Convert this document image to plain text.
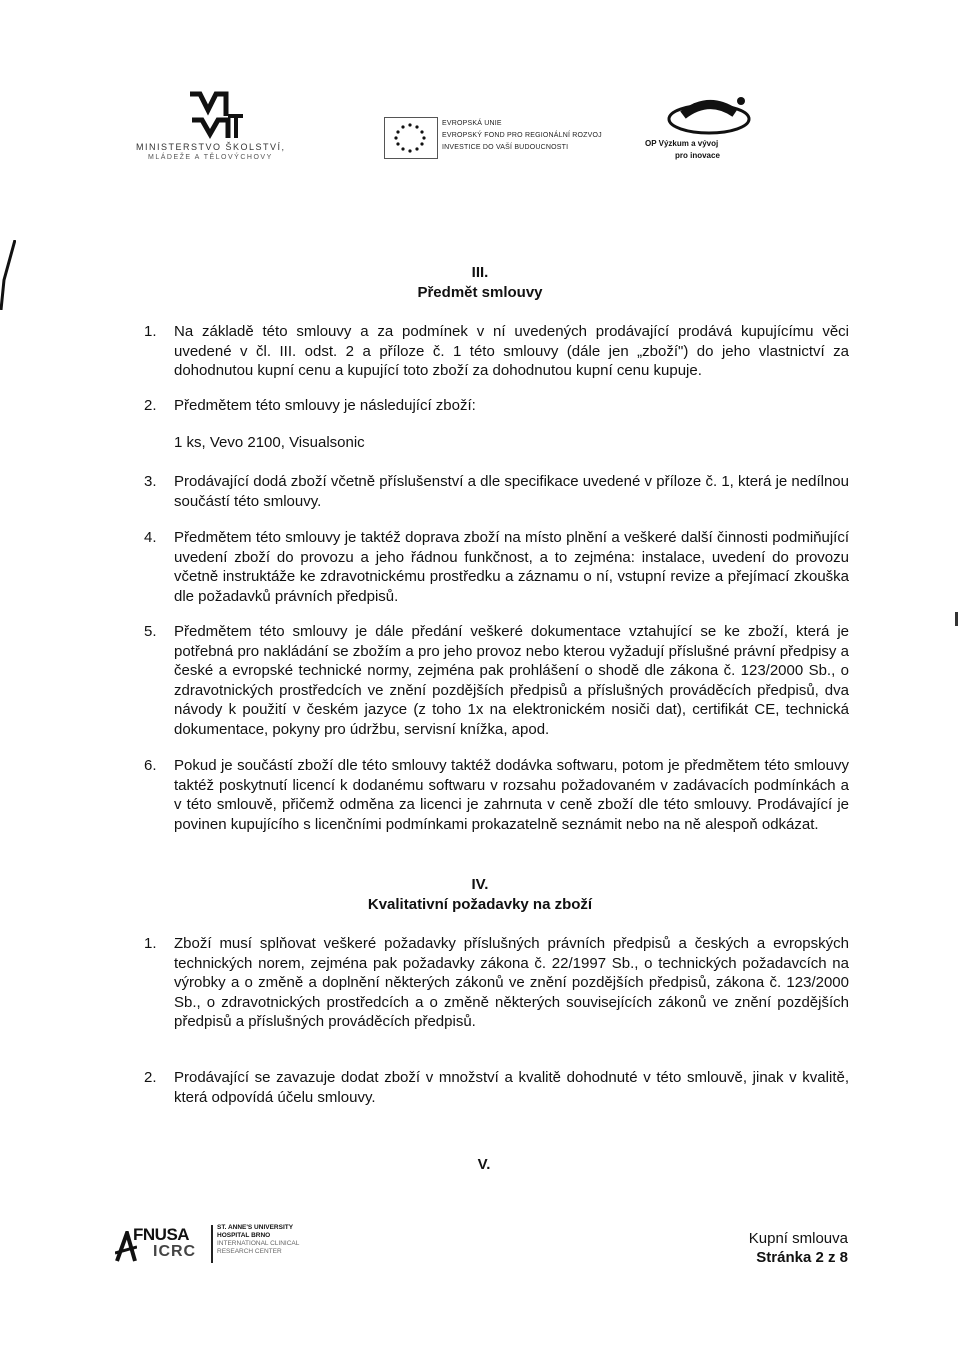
MINISTERSTVO ŠKOLSTVÍ,
MLÁDEŽE A TĚLOVÝCHOVY
EVROPSKÁ UNIE
EVROPSKÝ FOND PRO REGIONÁLNÍ ROZVOJ
INVESTICE DO VAŠÍ BUDOUCNOSTI	OP Výzkum a vývoj
pro inovace
III.
Předmět smlouvy
1. Na základě této smlouvy a za podmínek v ní uvedených prodávající prodává kupujícímu věci uvedené v čl. III. odst. 2 a příloze č. 1 této smlouvy (dále jen „zboží") do jeho vlastnictví za dohodnutou kupní cenu a kupující toto zboží za dohodnutou kupní cenu kupuje.
2. Předmětem této smlouvy je následující zboží:
1 ks, Vevo 2100, Visualsonic
3. Prodávající dodá zboží včetně příslušenství a dle specifikace uvedené v příloze č. 1, která je nedílnou součástí této smlouvy.
4. Předmětem této smlouvy je taktéž doprava zboží na místo plnění a veškeré další činnosti podmiňující uvedení zboží do provozu a jeho řádnou funkčnost, a to zejména: instalace, uvedení do provozu včetně instruktáže ke zdravotnickému prostředku a záznamu o ní, vstupní revize a přejímací zkouška dle požadavků právních předpisů.
5. Předmětem této smlouvy je dále předání veškeré dokumentace vztahující se ke zboží, která je potřebná pro nakládání se zbožím a pro jeho provoz nebo kterou vyžadují příslušné právní předpisy a české a evropské technické normy, zejména pak prohlášení o shodě dle zákona č. 123/2000 Sb., o zdravotnických prostředcích ve znění pozdějších předpisů a příslušných prováděcích předpisů, dva návody k použití v českém jazyce (z toho 1x na elektronickém nosiči dat), certifikát CE, technická dokumentace, pokyny pro údržbu, servisní knížka, apod.
6. Pokud je součástí zboží dle této smlouvy taktéž dodávka softwaru, potom je předmětem této smlouvy taktéž poskytnutí licencí k dodanému softwaru v rozsahu požadovaném v zadávacích podmínkách a v této smlouvě, přičemž odměna za licenci je zahrnuta v ceně zboží dle této smlouvy. Prodávající je povinen kupujícího s licenčními podmínkami prokazatelně seznámit nebo na ně alespoň odkázat.
IV.
Kvalitativní požadavky na zboží
1. Zboží musí splňovat veškeré požadavky příslušných právních předpisů a českých a evropských technických norem, zejména pak požadavky zákona č. 22/1997 Sb., o technických požadavcích na výrobky a o změně a doplnění některých zákonů ve znění pozdějších předpisů, zákona č. 123/2000 Sb., o zdravotnických prostředcích a o změně některých souvisejících zákonů ve znění pozdějších předpisů a příslušných prováděcích předpisů.
2. Prodávající se zavazuje dodat zboží v množství a kvalitě dohodnuté v této smlouvě, jinak v kvalitě, která odpovídá účelu smlouvy.
V.
FNUSA
ICRC
ST. ANNE'S UNIVERSITY
HOSPITAL BRNO
INTERNATIONAL CLINICAL
RESEARCH CENTER
Kupní smlouva
Stránka 2 z 8
